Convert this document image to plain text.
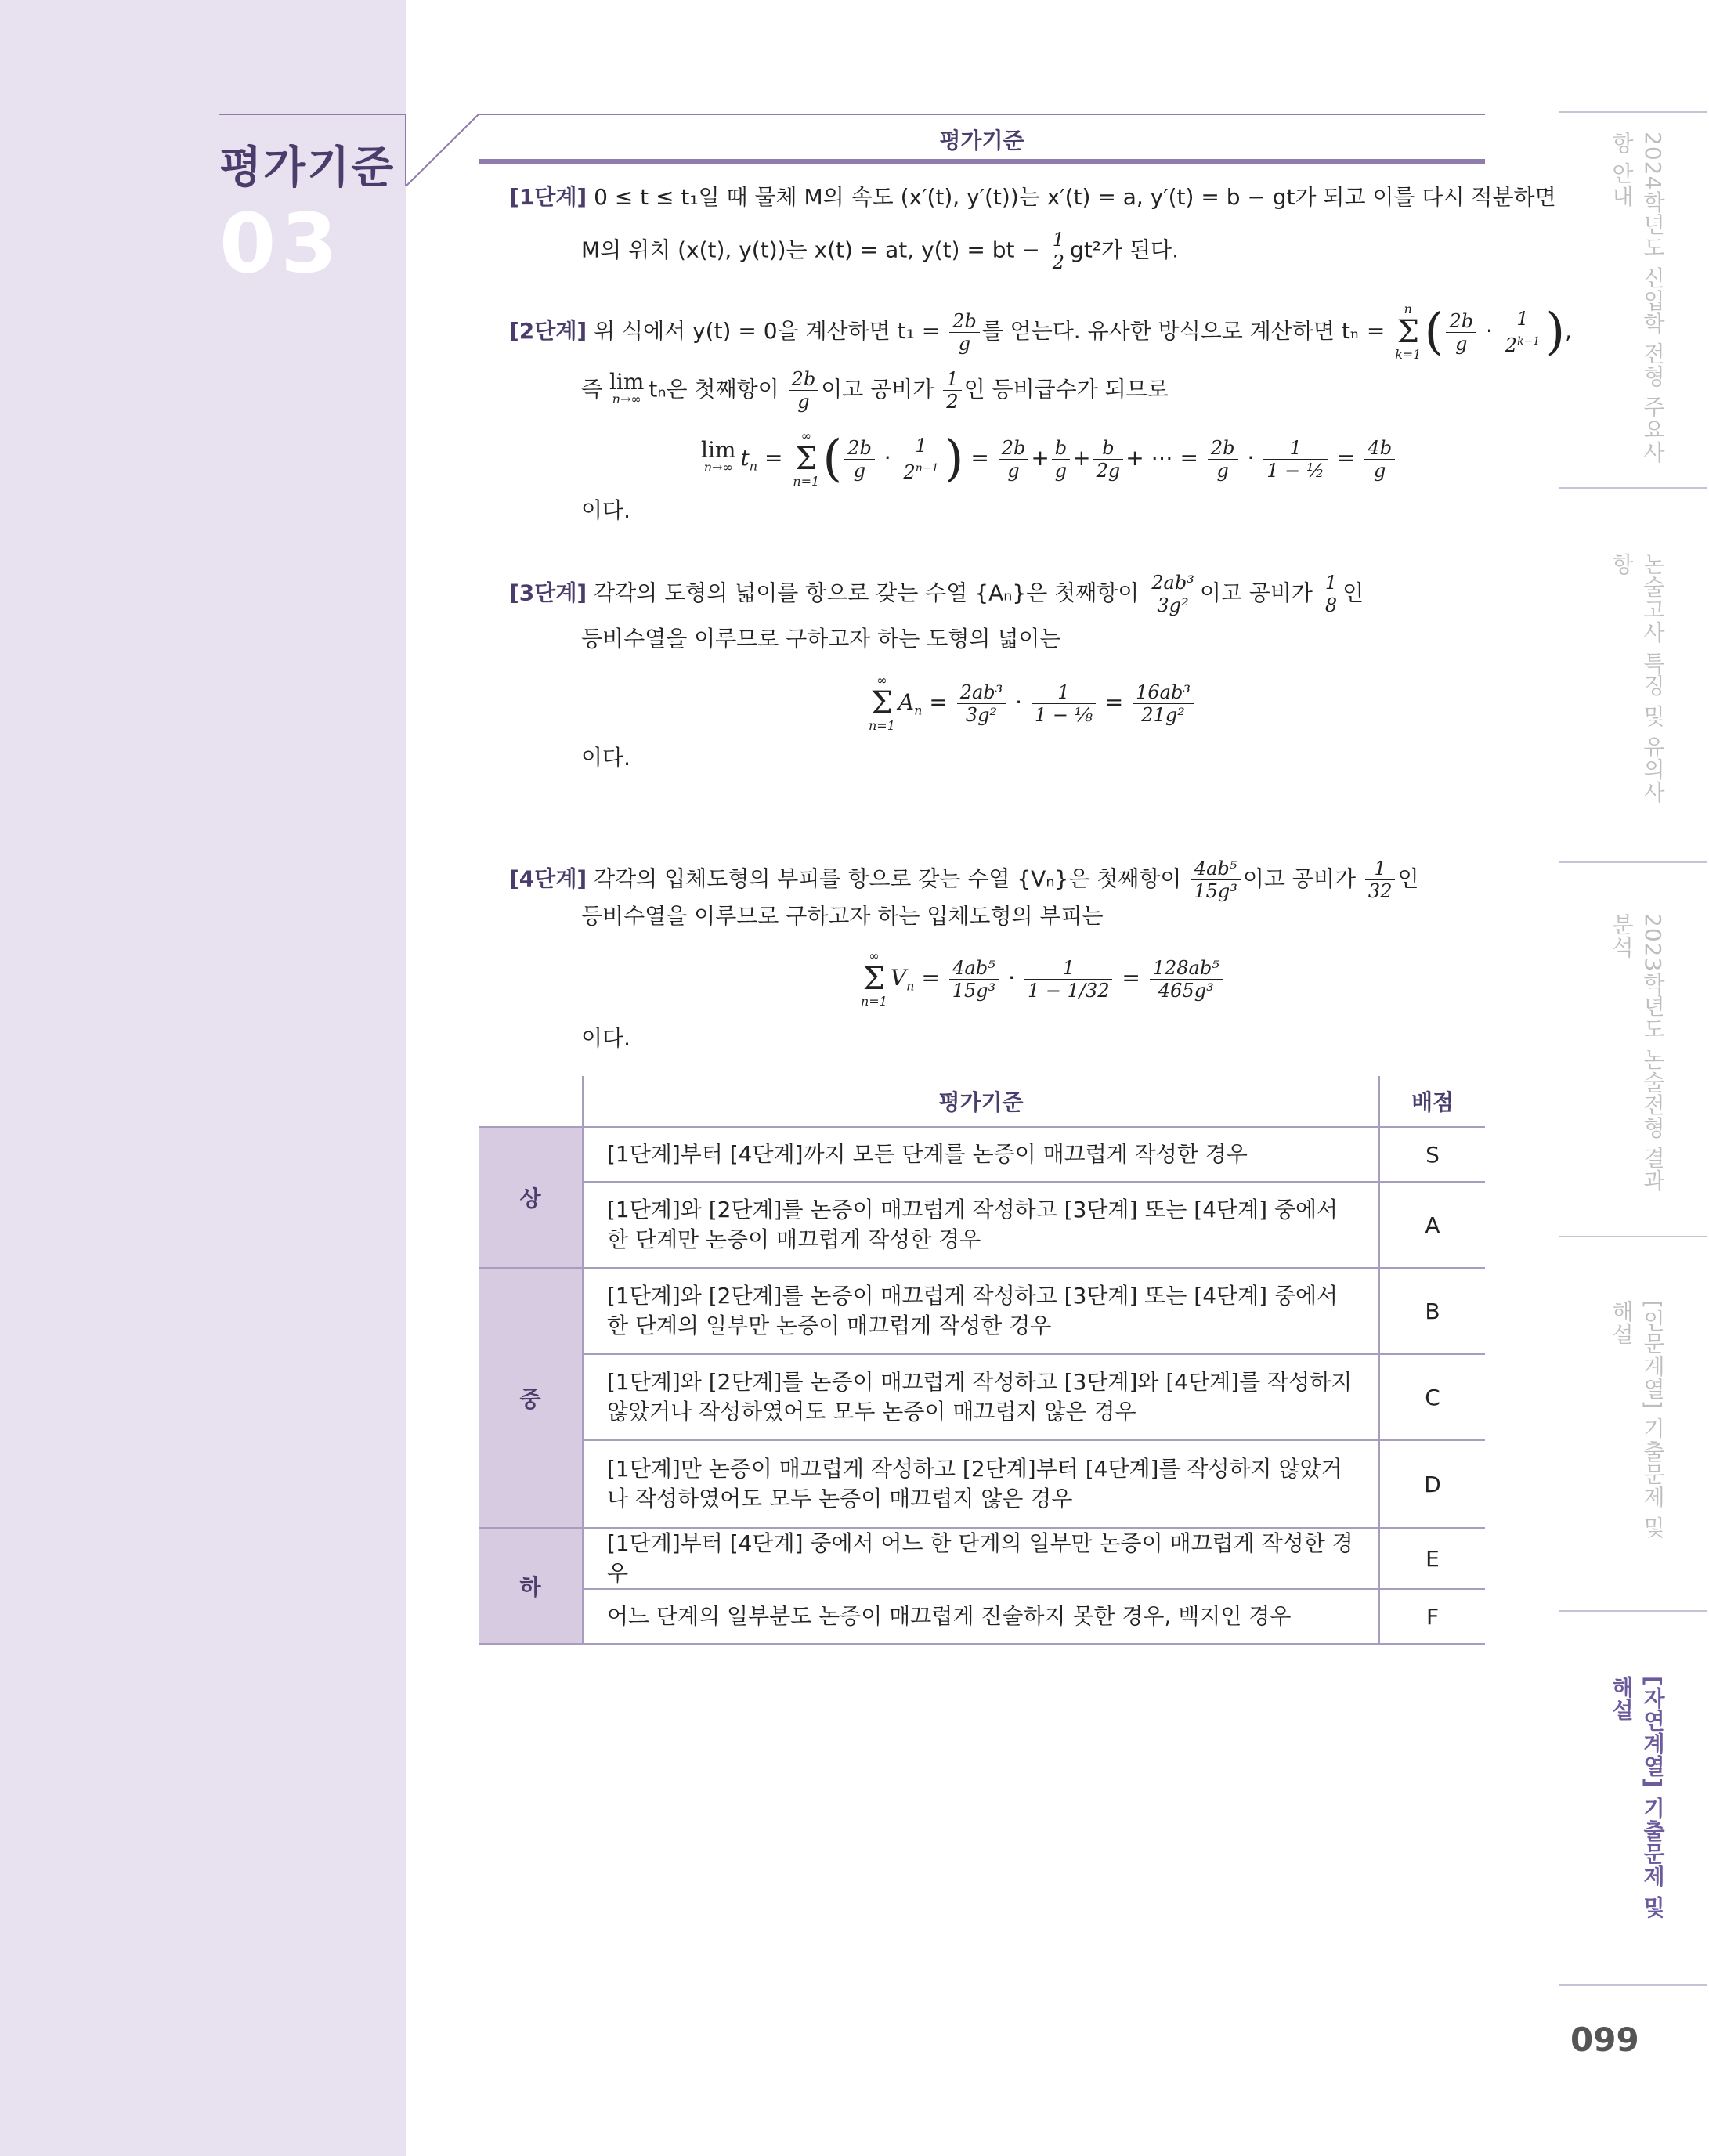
평가기준
03
평가기준
[1단계] 0 ≤ t ≤ t₁일 때 물체 M의 속도 (x′(t), y′(t))는 x′(t) = a, y′(t) = b − gt가 되고 이를 다시 적분하면
M의 위치 (x(t), y(t))는 x(t) = at, y(t) = bt − $\frac{1}{2} gt^2$가 된다.
[2단계] 위 식에서 y(t) = 0을 계산하면 $t_1 = \frac{2b}{g}$ 를 얻는다. 유사한 방식으로 계산하면 tₙ =
n
Σ
k=1 ( $\frac{2b}{g} \cdot \frac{1}{2^{k-1}}$ ),
즉 lim
n→∞ tₙ은 첫째항이 $\frac{2b}{g}$ 이고 공비가 $\frac{1}{2}$ 인 등비급수가 되므로
lim
n→∞ $t_n$ =
∞
Σ
n=1 ( $\frac{2b}{g} \cdot \frac{1}{2^{n-1}}$ ) = $\frac{2b}{g} + \frac{b}{g} + \frac{b}{2g}$ + ⋯ = $\frac{2b}{g} \cdot \frac{1}{\text{1 − ½}} = \frac{4b}{g}$
이다.
[3단계] 각각의 도형의 넓이를 항으로 갖는 수열 {Aₙ}은 첫째항이 $\frac{\text{2ab³}}{\text{3g²}}$ 이고 공비가 $\frac{1}{8}$ 인
등비수열을 이루므로 구하고자 하는 도형의 넓이는
∞
Σ
n=1
$A_n = \frac{\text{2ab³}}{\text{3g²}} \cdot \frac{1}{\text{1 − ⅛}} = \frac{\text{16ab³}}{\text{21g²}}$
이다.
[4단계] 각각의 입체도형의 부피를 항으로 갖는 수열 {Vₙ}은 첫째항이 $\frac{\text{4ab⁵}}{\text{15g³}}$ 이고 공비가 $\frac{1}{32}$ 인
등비수열을 이루므로 구하고자 하는 입체도형의 부피는
∞
Σ
n=1
$V_n = \frac{\text{4ab⁵}}{\text{15g³}} \cdot \frac{1}{1 - 1/32} = \frac{\text{128ab⁵}}{\text{465g³}}$
이다.
	평가기준	배점
상	[1단계]부터 [4단계]까지 모든 단계를 논증이 매끄럽게 작성한 경우	S
	[1단계]와 [2단계]를 논증이 매끄럽게 작성하고 [3단계] 또는 [4단계] 중에서 한 단계만 논증이 매끄럽게 작성한 경우	A
중	[1단계]와 [2단계]를 논증이 매끄럽게 작성하고 [3단계] 또는 [4단계] 중에서 한 단계의 일부만 논증이 매끄럽게 작성한 경우	B
	[1단계]와 [2단계]를 논증이 매끄럽게 작성하고 [3단계]와 [4단계]를 작성하지 않았거나 작성하였어도 모두 논증이 매끄럽지 않은 경우	C
	[1단계]만 논증이 매끄럽게 작성하고 [2단계]부터 [4단계]를 작성하지 않았거나 작성하였어도 모두 논증이 매끄럽지 않은 경우	D
하	[1단계]부터 [4단계] 중에서 어느 한 단계의 일부만 논증이 매끄럽게 작성한 경우	E
	어느 단계의 일부분도 논증이 매끄럽게 진술하지 못한 경우, 백지인 경우	F
2024학년도 신입학 전형 주요사항 안내
논술고사 특징 및 유의사항
2023학년도 논술전형 결과 분석
[인문계열] 기출문제 및 해설
[자연계열] 기출문제 및 해설
099
